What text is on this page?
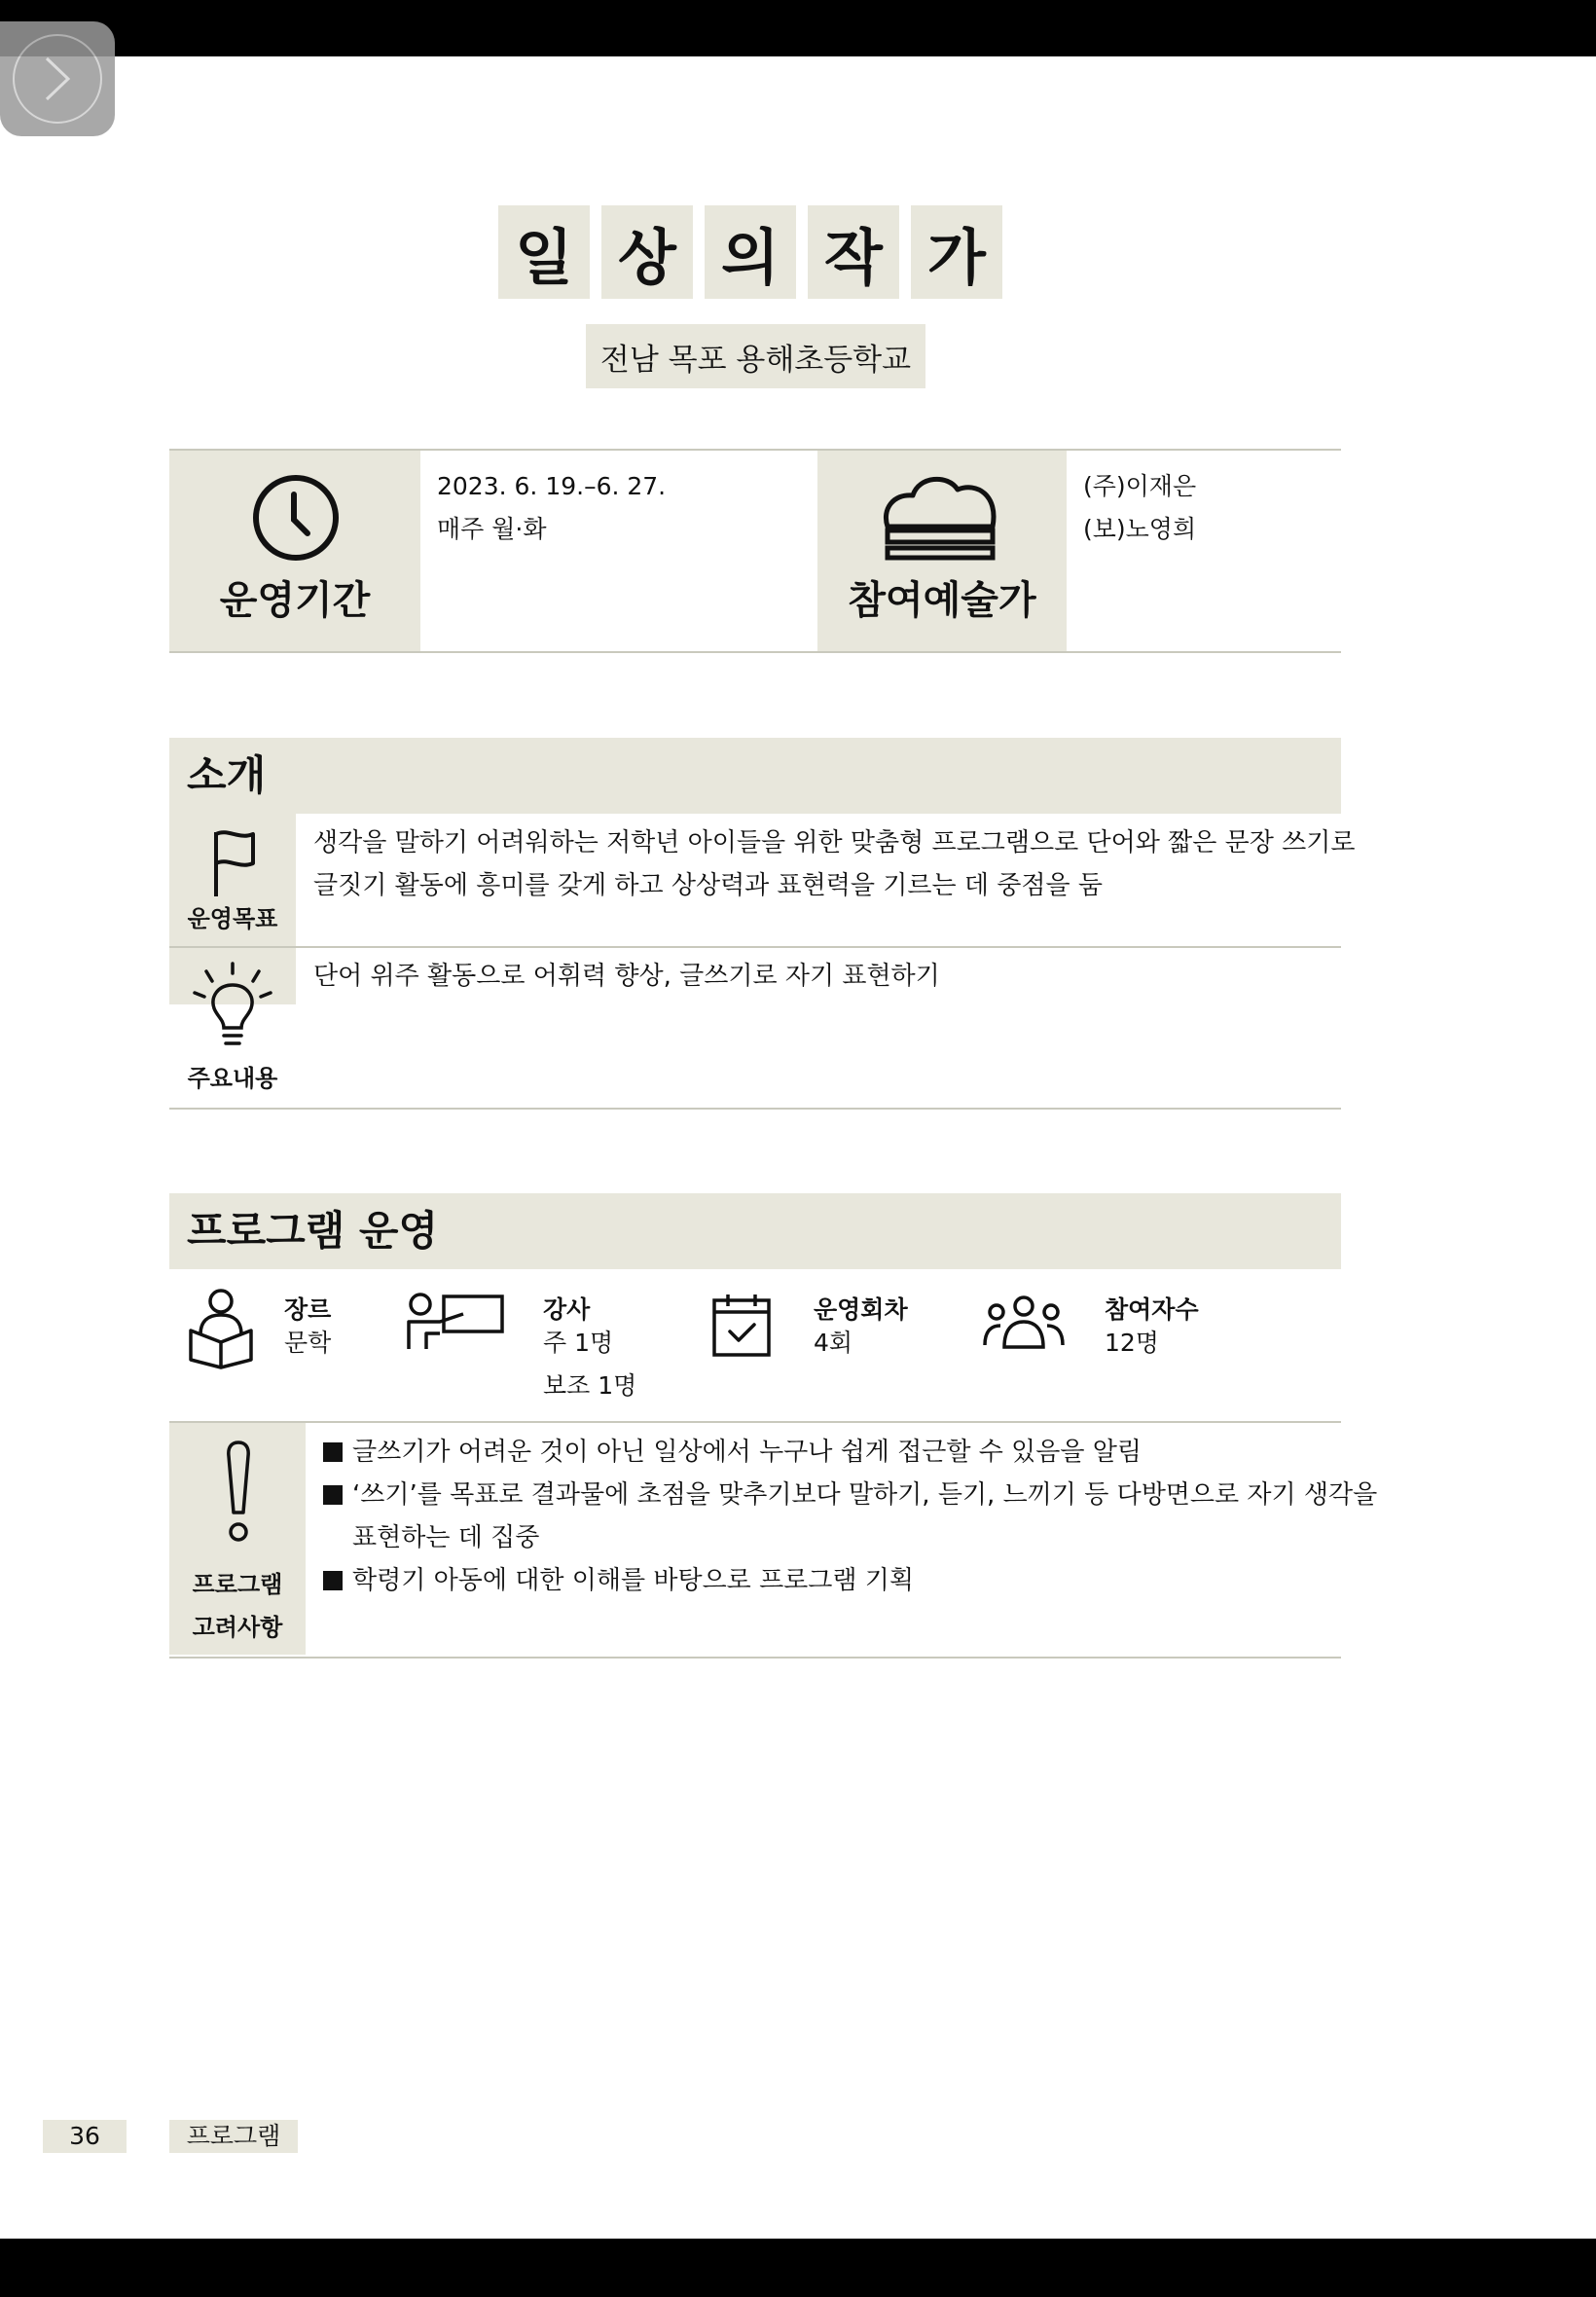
일 상 의 작 가
전남 목포 용해초등학교
운영기간
2023. 6. 19.–6. 27.
매주 월·화
참여예술가
(주)이재은
(보)노영희
소개
운영목표
생각을 말하기 어려워하는 저학년 아이들을 위한 맞춤형 프로그램으로 단어와 짧은 문장 쓰기로
글짓기 활동에 흥미를 갖게 하고 상상력과 표현력을 기르는 데 중점을 둠
주요내용
단어 위주 활동으로 어휘력 향상, 글쓰기로 자기 표현하기
프로그램 운영
장르
문학
강사
주 1명
보조 1명
운영회차
4회
참여자수
12명
프로그램
고려사항
글쓰기가 어려운 것이 아닌 일상에서 누구나 쉽게 접근할 수 있음을 알림
‘쓰기’를 목표로 결과물에 초점을 맞추기보다 말하기, 듣기, 느끼기 등 다방면으로 자기 생각을
표현하는 데 집중
학령기 아동에 대한 이해를 바탕으로 프로그램 기획
36	프로그램
